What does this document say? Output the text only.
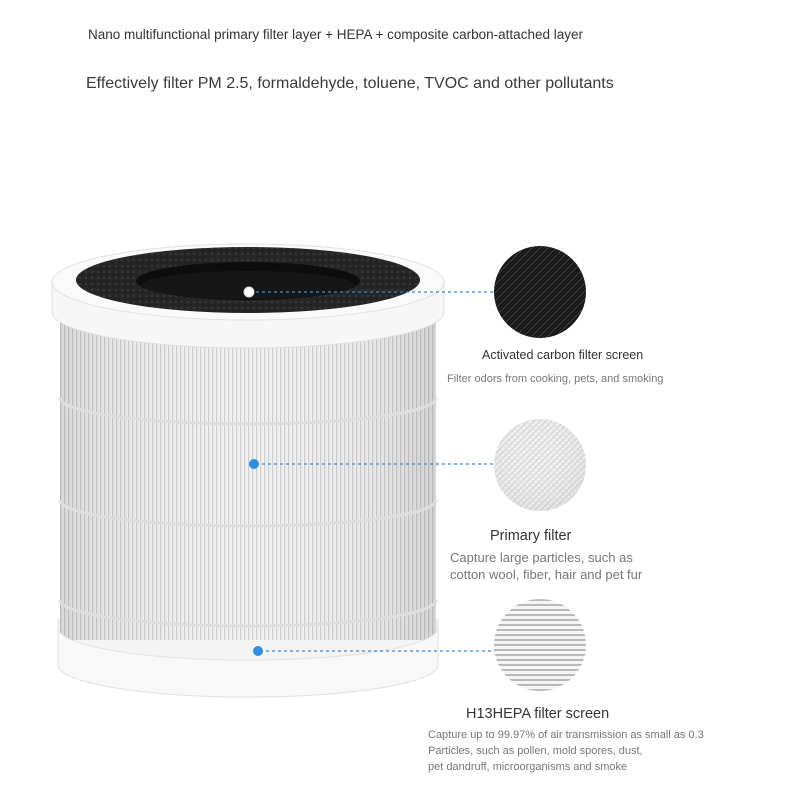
Nano multifunctional primary filter layer + HEPA + composite carbon-attached layer
Effectively filter PM 2.5, formaldehyde, toluene, TVOC and other pollutants
Activated carbon filter screen
Filter odors from cooking, pets, and smoking
Primary filter
Capture large particles, such as
cotton wool, fiber, hair and pet fur
H13HEPA filter screen
Capture up to 99.97% of air transmission as small as 0.3
Particles, such as pollen, mold spores, dust,
pet dandruff, microorganisms and smoke
